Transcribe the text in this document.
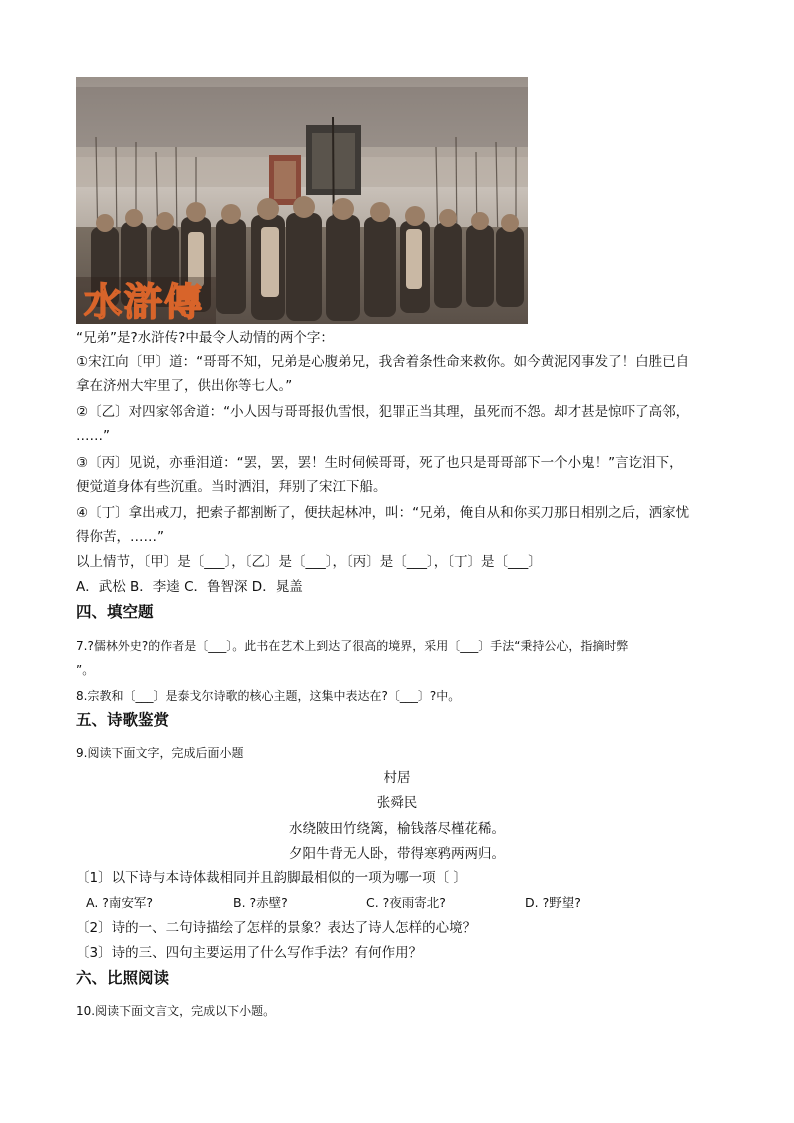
水滸傳
“兄弟”是?水浒传?中最令人动情的两个字：
①宋江向〔甲〕道：“哥哥不知，兄弟是心腹弟兄，我舍着条性命来救你。如今黄泥冈事发了！白胜已自
拿在济州大牢里了，供出你等七人。”
②〔乙〕对四家邻舍道：“小人因与哥哥报仇雪恨，犯罪正当其理，虽死而不怨。却才甚是惊吓了高邻，
……”
③〔丙〕见说，亦垂泪道：“罢，罢，罢！生时伺候哥哥，死了也只是哥哥部下一个小鬼！”言讫泪下，
便觉道身体有些沉重。当时洒泪，拜别了宋江下船。
④〔丁〕拿出戒刀，把索子都割断了，便扶起林冲，叫：“兄弟，俺自从和你买刀那日相别之后，洒家忧
得你苦，……”
以上情节，〔甲〕是〔___〕，〔乙〕是〔___〕，〔丙〕是〔___〕，〔丁〕是〔___〕
A．武松 B．李逵 C．鲁智深 D．晁盖
四、填空题
7.?儒林外史?的作者是〔___〕。此书在艺术上到达了很高的境界，采用〔___〕手法“秉持公心，指摘时弊
”。
8.宗教和〔___〕是泰戈尔诗歌的核心主题，这集中表达在?〔___〕?中。
五、诗歌鉴赏
9.阅读下面文字，完成后面小题
村居
张舜民
水绕陂田竹绕篱，榆钱落尽槿花稀。
夕阳牛背无人卧，带得寒鸦两两归。
〔1〕以下诗与本诗体裁相同并且韵脚最相似的一项为哪一项〔 〕
A. ?南安军?	B. ?赤壁?	C. ?夜雨寄北?	D. ?野望?
〔2〕诗的一、二句诗描绘了怎样的景象？表达了诗人怎样的心境？
〔3〕诗的三、四句主要运用了什么写作手法？有何作用？
六、比照阅读
10.阅读下面文言文，完成以下小题。
